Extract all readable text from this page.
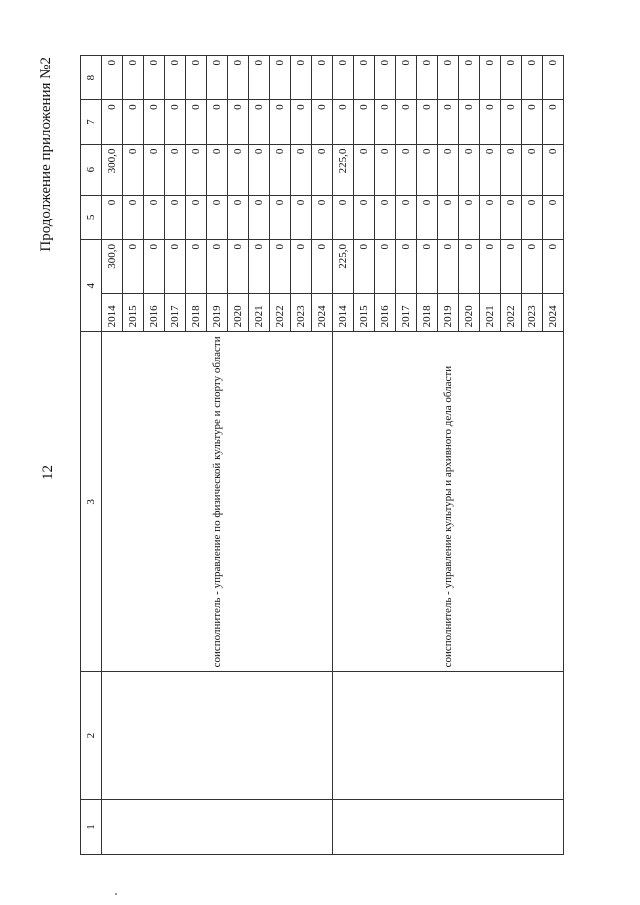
12
Продолжение приложения №2
1	2	3	4		5	6	7	8
		соисполнитель - управление по физической культуре и спорту области	2014	300,0	0	300,0	0	0
			2015	0	0	0	0	0
			2016	0	0	0	0	0
			2017	0	0	0	0	0
			2018	0	0	0	0	0
			2019	0	0	0	0	0
			2020	0	0	0	0	0
			2021	0	0	0	0	0
			2022	0	0	0	0	0
			2023	0	0	0	0	0
			2024	0	0	0	0	0
		соисполнитель - управление культуры и архивного дела области	2014	225,0	0	225,0	0	0
			2015	0	0	0	0	0
			2016	0	0	0	0	0
			2017	0	0	0	0	0
			2018	0	0	0	0	0
			2019	0	0	0	0	0
			2020	0	0	0	0	0
			2021	0	0	0	0	0
			2022	0	0	0	0	0
			2023	0	0	0	0	0
			2024	0	0	0	0	0
